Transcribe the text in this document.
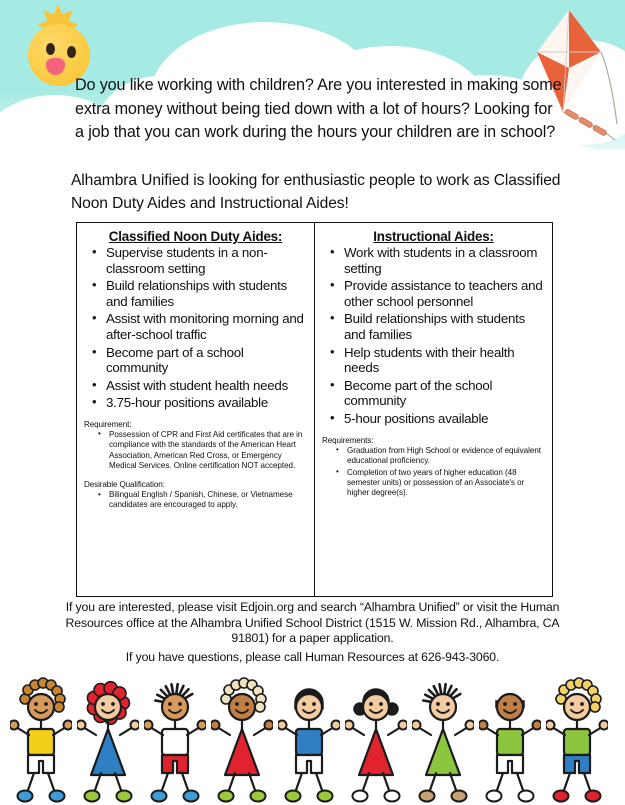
Do you like working with children? Are you interested in making some extra money without being tied down with a lot of hours? Looking for a job that you can work during the hours your children are in school?
Alhambra Unified is looking for enthusiastic people to work as Classified Noon Duty Aides and Instructional Aides!
Classified Noon Duty Aides:
• Supervise students in a non-classroom setting
• Build relationships with students and families
• Assist with monitoring morning and after-school traffic
• Become part of a school community
• Assist with student health needs
• 3.75-hour positions available
Requirement:
• Possession of CPR and First Aid certificates that are in compliance with the standards of the American Heart Association, American Red Cross, or Emergency Medical Services. Online certification NOT accepted.
Desirable Qualification:
• Bilingual English / Spanish, Chinese, or Vietnamese candidates are encouraged to apply.
Instructional Aides:
• Work with students in a classroom setting
• Provide assistance to teachers and other school personnel
• Build relationships with students and families
• Help students with their health needs
• Become part of the school community
• 5-hour positions available
Requirements:
• Graduation from High School or evidence of equivalent educational proficiency.
• Completion of two years of higher education (48 semester units) or possession of an Associate's or higher degree(s).
If you are interested, please visit Edjoin.org and search “Alhambra Unified” or visit the Human Resources office at the Alhambra Unified School District (1515 W. Mission Rd., Alhambra, CA 91801) for a paper application.
If you have questions, please call Human Resources at 626-943-3060.
